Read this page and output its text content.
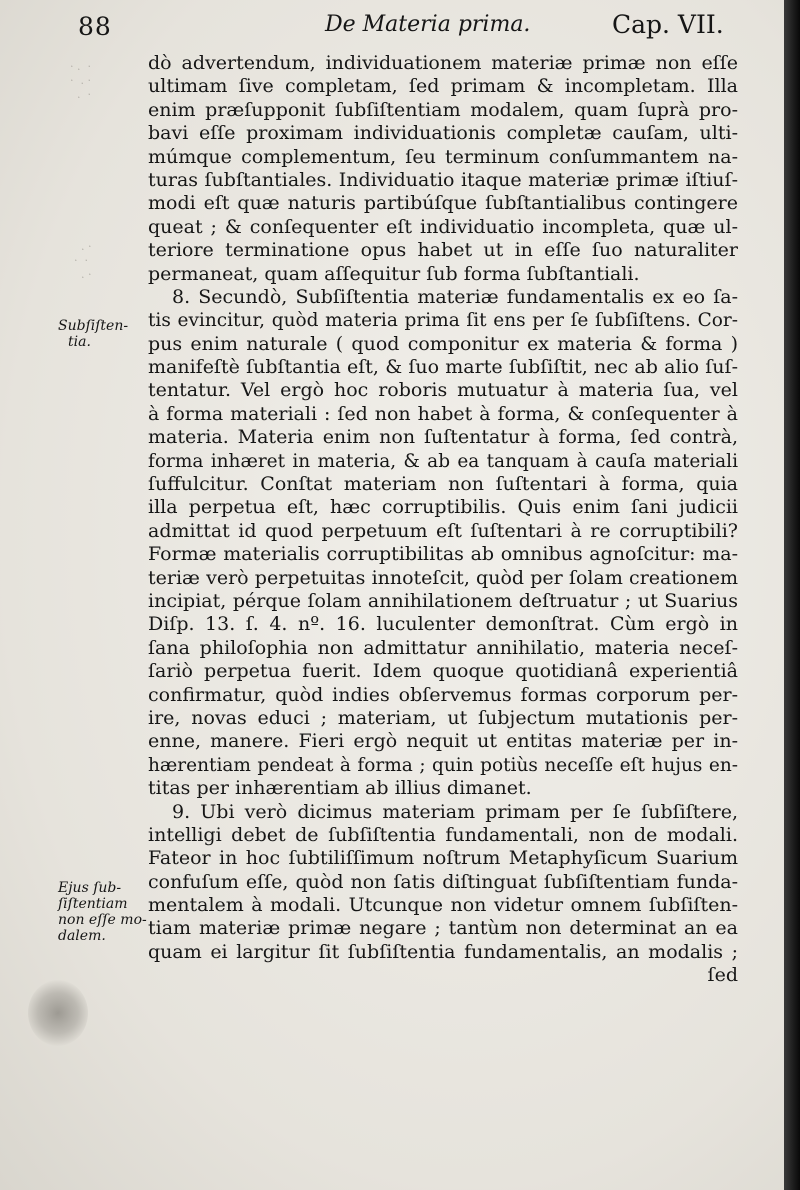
·  . ·
· .  ·
·  .
· .
·  ·
· .
88	De Materia prima.	Cap. VII.
Subſiſten-
tia.
Ejus ſub-
ſiſtentiam
non eſſe mo-
dalem.
dò advertendum, individuationem materiæ primæ non eſſe
ultimam ſive completam, ſed primam & incompletam. Illa
enim præſupponit ſubſiſtentiam modalem, quam ſuprà pro-
bavi eſſe proximam individuationis completæ cauſam, ulti-
múmque complementum, ſeu terminum conſummantem na-
turas ſubſtantiales. Individuatio itaque materiæ primæ iſtiuſ-
modi eſt quæ naturis partibúſque ſubſtantialibus contingere
queat ; & conſequenter eſt individuatio incompleta, quæ ul-
teriore terminatione opus habet ut in eſſe ſuo naturaliter
permaneat, quam aſſequitur ſub forma ſubſtantiali.
8. Secundò, Subſiſtentia materiæ fundamentalis ex eo ſa-
tis evincitur, quòd materia prima ſit ens per ſe ſubſiſtens. Cor-
pus enim naturale ( quod componitur ex materia & forma )
manifeſtè ſubſtantia eſt, & ſuo marte ſubſiſtit, nec ab alio ſuſ-
tentatur. Vel ergò hoc roboris mutuatur à materia ſua, vel
à forma materiali : ſed non habet à forma, & conſequenter à
materia. Materia enim non ſuſtentatur à forma, ſed contrà,
forma inhæret in materia, & ab ea tanquam à cauſa materiali
ſuffulcitur. Conſtat materiam non ſuſtentari à forma, quia
illa perpetua eſt, hæc corruptibilis. Quis enim ſani judicii
admittat id quod perpetuum eſt ſuſtentari à re corruptibili?
Formæ materialis corruptibilitas ab omnibus agnoſcitur: ma-
teriæ verò perpetuitas innoteſcit, quòd per ſolam creationem
incipiat, pérque ſolam annihilationem deſtruatur ; ut Suarius
Diſp. 13. ſ. 4. nº. 16. luculenter demonſtrat. Cùm ergò in
ſana philoſophia non admittatur annihilatio, materia neceſ-
ſariò perpetua fuerit. Idem quoque quotidianâ experientiâ
confirmatur, quòd indies obſervemus formas corporum per-
ire, novas educi ; materiam, ut ſubjectum mutationis per-
enne, manere. Fieri ergò nequit ut entitas materiæ per in-
hærentiam pendeat à forma ; quin potiùs neceſſe eſt hujus en-
titas per inhærentiam ab illius dimanet.
9. Ubi verò dicimus materiam primam per ſe ſubſiſtere,
intelligi debet de ſubſiſtentia fundamentali, non de modali.
Fateor in hoc ſubtiliſſimum noſtrum Metaphyſicum Suarium
confuſum eſſe, quòd non ſatis diſtinguat ſubſiſtentiam funda-
mentalem à modali. Utcunque non videtur omnem ſubſiſten-
tiam materiæ primæ negare ; tantùm non determinat an ea
quam ei largitur ſit ſubſiſtentia fundamentalis, an modalis ;
ſed
